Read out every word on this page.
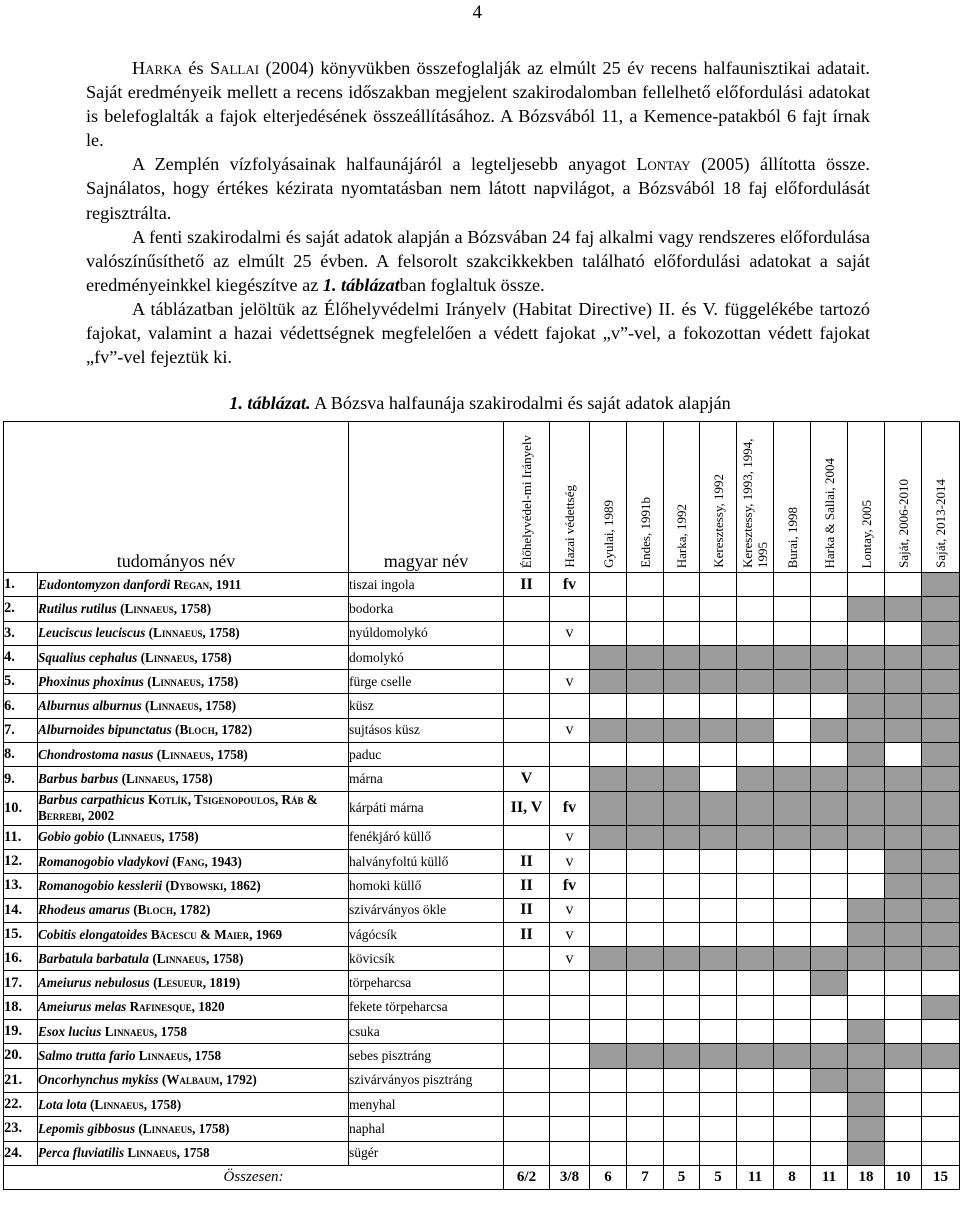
4

Harka és Sallai (2004) könyvükben összefoglalják az elmúlt 25 év recens halfaunisztikai adatait. Saját eredményeik mellett a recens időszakban megjelent szakirodalomban fellelhető előfordulási adatokat is belefoglalták a fajok elterjedésének összeállításához. A Bózsvából 11, a Kemence-patakból 6 fajt írnak le.

A Zemplén vízfolyásainak halfaunájáról a legteljesebb anyagot Lontay (2005) állította össze. Sajnálatos, hogy értékes kézirata nyomtatásban nem látott napvilágot, a Bózsvából 18 faj előfordulását regisztrálta.

A fenti szakirodalmi és saját adatok alapján a Bózsvában 24 faj alkalmi vagy rendszeres előfordulása valószínűsíthető az elmúlt 25 évben. A felsorolt szakcikkekben található előfordulási adatokat a saját eredményeinkkel kiegészítve az 1. táblázatban foglaltuk össze.

A táblázatban jelöltük az Élőhelyvédelmi Irányelv (Habitat Directive) II. és V. függelékébe tartozó fajokat, valamint a hazai védettségnek megfelelően a védett fajokat „v”-vel, a fokozottan védett fajokat „fv”-vel fejeztük ki.

1. táblázat. A Bózsva halfaunája szakirodalmi és saját adatok alapján
tudományos név		magyar név	Élőhelyvédel-mi Irányelv	Hazai védettség	Gyulai, 1989	Endes, 1991b	Harka, 1992	Keresztessy, 1992	Keresztessy, 1993, 1994, 1995	Burai, 1998	Harka & Sallai, 2004	Lontay, 2005	Saját, 2006-2010	Saját, 2013-2014

1.	Eudontomyzon danfordi Regan, 1911	tiszai ingola	II	fv										
2.	Rutilus rutilus (Linnaeus, 1758)	bodorka												
3.	Leuciscus leuciscus (Linnaeus, 1758)	nyúldomolykó		v										
4.	Squalius cephalus (Linnaeus, 1758)	domolykó												
5.	Phoxinus phoxinus (Linnaeus, 1758)	fürge cselle		v										
6.	Alburnus alburnus (Linnaeus, 1758)	küsz												
7.	Alburnoides bipunctatus (Bloch, 1782)	sujtásos küsz		v										
8.	Chondrostoma nasus (Linnaeus, 1758)	paduc												
9.	Barbus barbus (Linnaeus, 1758)	márna	V											
10.	Barbus carpathicus Kotlík, Tsigenopoulos, Ráb & Berrebi, 2002	kárpáti márna	II, V	fv										
11.	Gobio gobio (Linnaeus, 1758)	fenékjáró küllő		v										
12.	Romanogobio vladykovi (Fang, 1943)	halványfoltú küllő	II	v										
13.	Romanogobio kesslerii (Dybowski, 1862)	homoki küllő	II	fv										
14.	Rhodeus amarus (Bloch, 1782)	szivárványos ökle	II	v										
15.	Cobitis elongatoides Băcescu & Maier, 1969	vágócsík	II	v										
16.	Barbatula barbatula (Linnaeus, 1758)	kövicsík		v										
17.	Ameiurus nebulosus (Lesueur, 1819)	törpeharcsa												
18.	Ameiurus melas Rafinesque, 1820	fekete törpeharcsa												
19.	Esox lucius Linnaeus, 1758	csuka												
20.	Salmo trutta fario Linnaeus, 1758	sebes pisztráng												
21.	Oncorhynchus mykiss (Walbaum, 1792)	szivárványos pisztráng												
22.	Lota lota (Linnaeus, 1758)	menyhal												
23.	Lepomis gibbosus (Linnaeus, 1758)	naphal												
24.	Perca fluviatilis Linnaeus, 1758	sügér												
Összesen:			6/2	3/8	6	7	5	5	11	8	11	18	10	15
